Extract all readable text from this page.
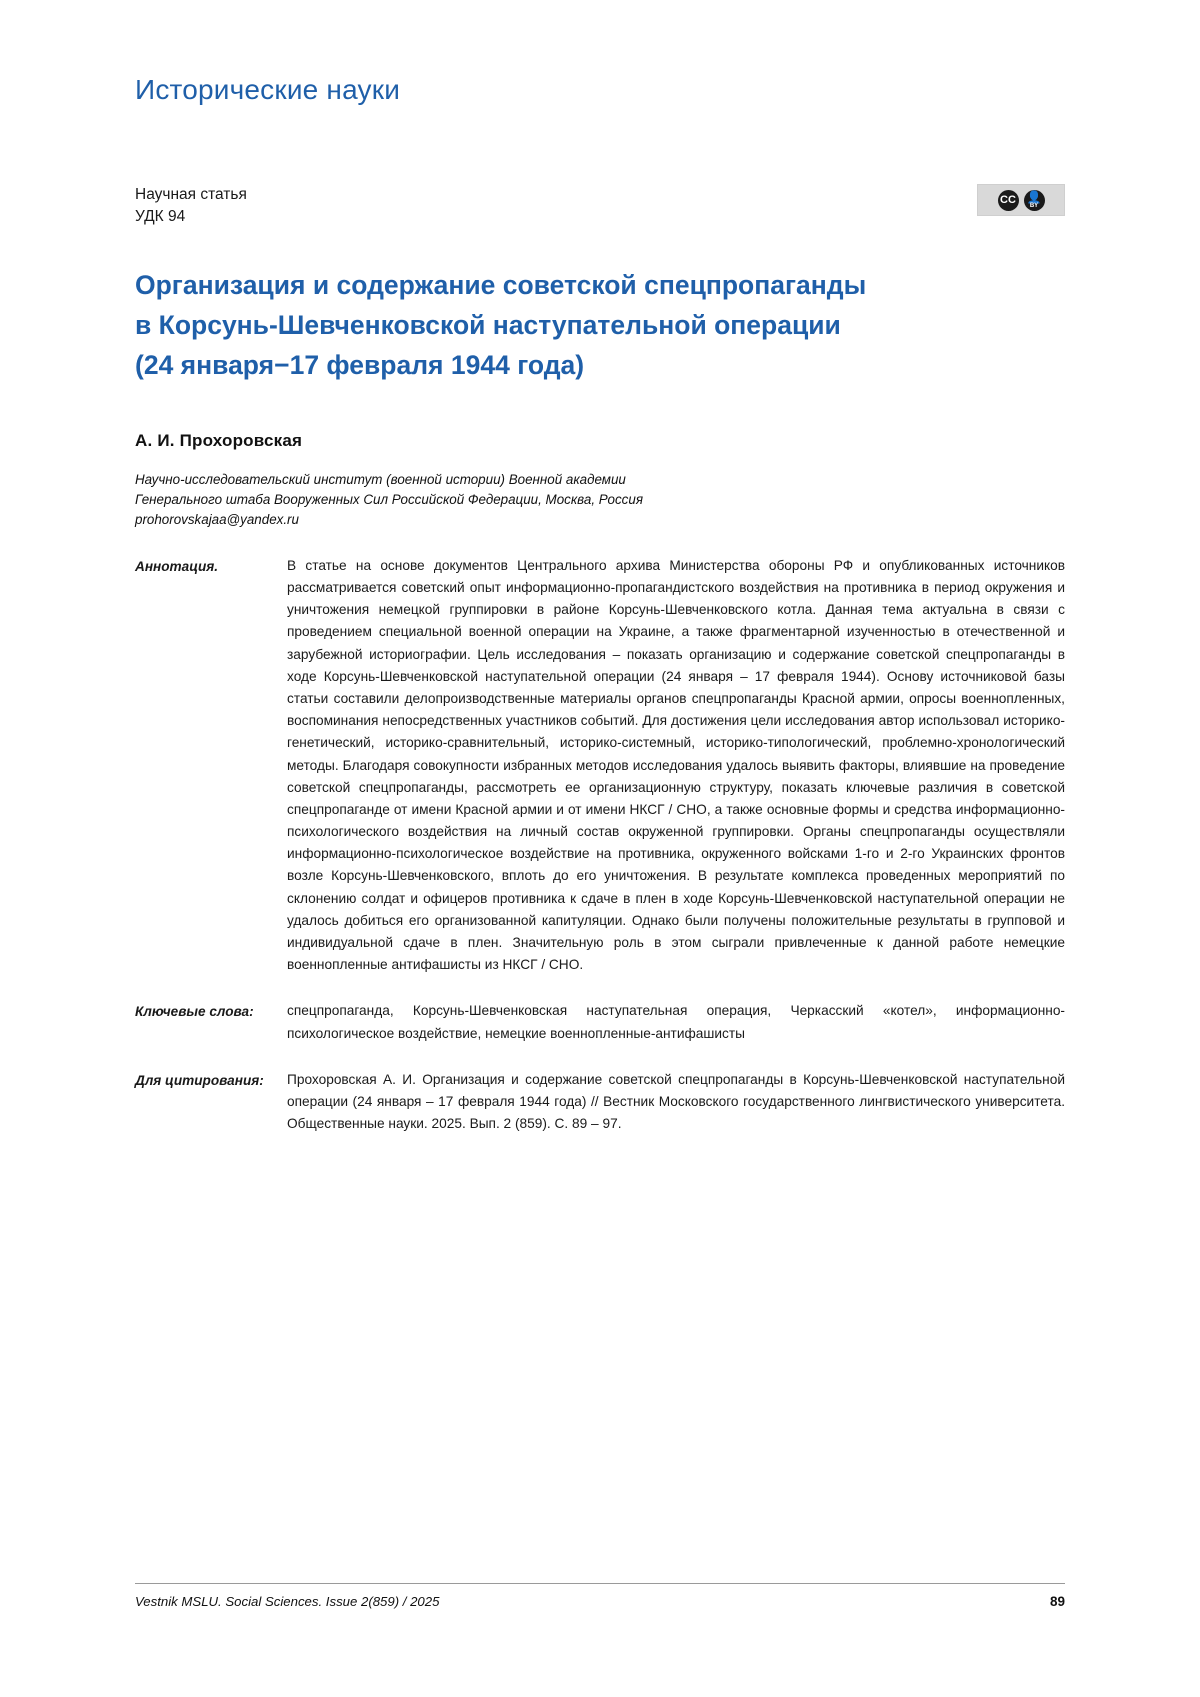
Исторические науки
Научная статья
УДК 94
CC 👤
BY
Организация и содержание советской спецпропаганды
в Корсунь-Шевченковской наступательной операции
(24 января−17 февраля 1944 года)
А. И. Прохоровская
Научно-исследовательский институт (военной истории) Военной академии
Генерального штаба Вооруженных Сил Российской Федерации, Москва, Россия
prohorovskajaa@yandex.ru
Аннотация.	В статье на основе документов Центрального архива Министерства обороны РФ и опубликованных источников рассматривается советский опыт информационно-пропагандистского воздействия на противника в период окружения и уничтожения немецкой группировки в районе Корсунь-Шевченковского котла. Данная тема актуальна в связи с проведением специальной военной операции на Украине, а также фрагментарной изученностью в отечественной и зарубежной историографии. Цель исследования – показать организацию и содержание советской спецпропаганды в ходе Корсунь-Шевченковской наступательной операции (24 января – 17 февраля 1944). Основу источниковой базы статьи составили делопроизводственные материалы органов спецпропаганды Красной армии, опросы военнопленных, воспоминания непосредственных участников событий. Для достижения цели исследования автор использовал историко-генетический, историко-сравнительный, историко-системный, историко-типологический, проблемно-хронологический методы. Благодаря совокупности избранных методов исследования удалось выявить факторы, влиявшие на проведение советской спецпропаганды, рассмотреть ее организационную структуру, показать ключевые различия в советской спецпропаганде от имени Красной армии и от имени НКСГ / СНО, а также основные формы и средства информационно-психологического воздействия на личный состав окруженной группировки. Органы спецпропаганды осуществляли информационно-психологическое воздействие на противника, окруженного войсками 1-го и 2-го Украинских фронтов возле Корсунь-Шевченковского, вплоть до его уничтожения. В результате комплекса проведенных мероприятий по склонению солдат и офицеров противника к сдаче в плен в ходе Корсунь-Шевченковской наступательной операции не удалось добиться его организованной капитуляции. Однако были получены положительные результаты в групповой и индивидуальной сдаче в плен. Значительную роль в этом сыграли привлеченные к данной работе немецкие военнопленные антифашисты из НКСГ / СНО.
Ключевые слова:	спецпропаганда, Корсунь-Шевченковская наступательная операция, Черкасский «котел», информационно-психологическое воздействие, немецкие военнопленные-антифашисты
Для цитирования:	Прохоровская А. И. Организация и содержание советской спецпропаганды в Корсунь-Шевченковской наступательной операции (24 января – 17 февраля 1944 года) // Вестник Московского государственного лингвистического университета. Общественные науки. 2025. Вып. 2 (859). С. 89 – 97.
Vestnik MSLU. Social Sciences. Issue 2(859) / 2025	89
